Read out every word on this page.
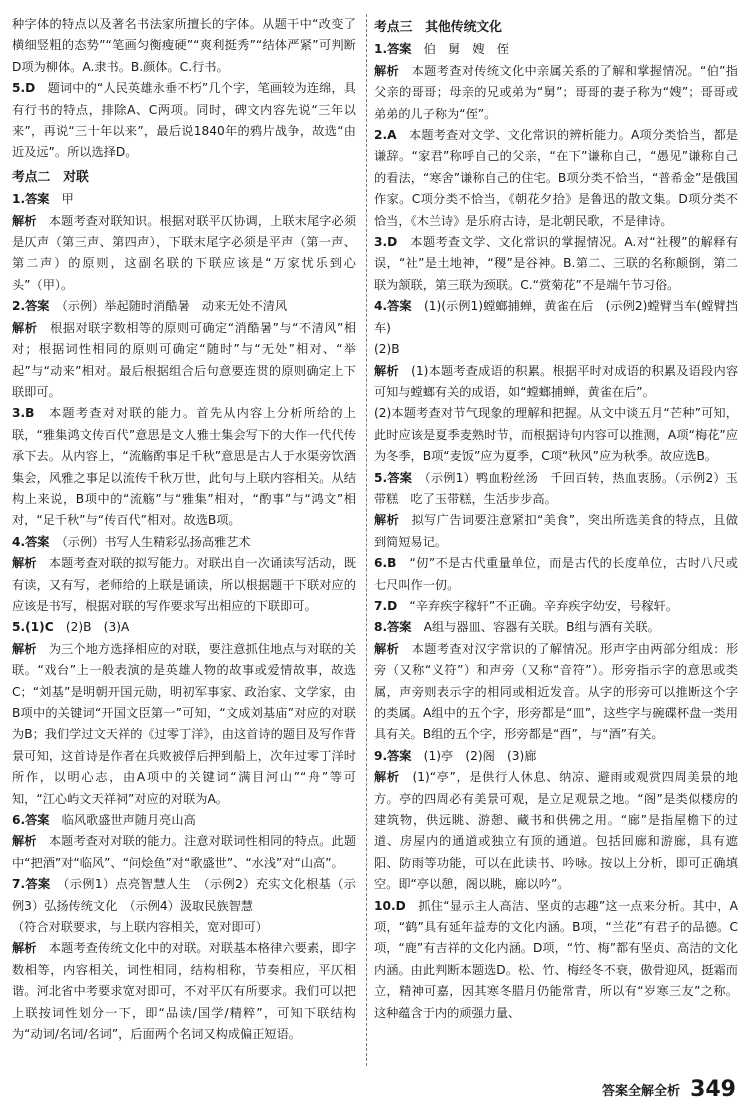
种字体的特点以及著名书法家所擅长的字体。从题干中“改变了横细竖粗的态势”“笔画匀衡瘦硬”“爽利挺秀”“结体严紧”可判断D项为柳体。A.隶书。B.颜体。C.行书。

5.D　题词中的“人民英雄永垂不朽”几个字，笔画较为连绵，具有行书的特点，排除A、C两项。同时，碑文内容先说“三年以来”，再说“三十年以来”，最后说1840年的鸦片战争，故选“由近及远”。所以选择D。

考点二　对联

1.答案　甲

解析　本题考查对联知识。根据对联平仄协调，上联末尾字必须是仄声（第三声、第四声），下联末尾字必须是平声（第一声、第二声）的原则，这副名联的下联应该是“万家忧乐到心头”（甲）。

2.答案　（示例）举起随时消酷暑　动来无处不清风

解析　根据对联字数相等的原则可确定“消酷暑”与“不清风”相对；根据词性相同的原则可确定“随时”与“无处”相对、“举起”与“动来”相对。最后根据组合后句意要连贯的原则确定上下联即可。

3.B　本题考查对对联的能力。首先从内容上分析所给的上联，“雅集鸿文传百代”意思是文人雅士集会写下的大作一代代传承下去。从内容上，“流觞酌事足千秋”意思是古人于水渠旁饮酒集会，风雅之事足以流传千秋万世，此句与上联内容相关。从结构上来说，B项中的“流觞”与“雅集”相对，“酌事”与“鸿文”相对，“足千秋”与“传百代”相对。故选B项。

4.答案　（示例）书写人生精彩弘扬高雅艺术

解析　本题考查对联的拟写能力。对联出自一次诵读写活动，既有读，又有写，老师给的上联是诵读，所以根据题干下联对应的应该是书写，根据对联的写作要求写出相应的下联即可。

5.(1)C　(2)B　(3)A

解析　为三个地方选择相应的对联，要注意抓住地点与对联的关联。“戏台”上一般表演的是英雄人物的故事或爱情故事，故选C；“刘基”是明朝开国元勋，明初军事家、政治家、文学家，由B项中的关键词“开国文臣第一”可知，“文成刘基庙”对应的对联为B；我们学过文天祥的《过零丁洋》，由这首诗的题目及写作背景可知，这首诗是作者在兵败被俘后押到船上，次年过零丁洋时所作，以明心志，由A项中的关键词“满目河山”“舟”等可知，“江心屿文天祥祠”对应的对联为A。

6.答案　临风歌盛世声随月亮山高

解析　本题考查对对联的能力。注意对联词性相同的特点。此题中“把酒”对“临风”、“问烩鱼”对“歌盛世”、“水浅”对“山高”。

7.答案　（示例1）点亮智慧人生　（示例2）充实文化根基（示例3）弘扬传统文化　（示例4）汲取民族智慧

（符合对联要求，与上联内容相关，宽对即可）

解析　本题考查传统文化中的对联。对联基本格律六要素，即字数相等，内容相关，词性相同，结构相称，节奏相应，平仄相谐。河北省中考要求宽对即可，不对平仄有所要求。我们可以把上联按词性划分一下，即“品读/国学/精粹”，可知下联结构为“动词/名词/名词”，后面两个名词又构成偏正短语。

考点三　其他传统文化

1.答案　伯　舅　嫂　侄

解析　本题考查对传统文化中亲属关系的了解和掌握情况。“伯”指父亲的哥哥；母亲的兄或弟为“舅”；哥哥的妻子称为“嫂”；哥哥或弟弟的儿子称为“侄”。

2.A　本题考查对文学、文化常识的辨析能力。A项分类恰当，都是谦辞。“家君”称呼自己的父亲，“在下”谦称自己，“愚见”谦称自己的看法，“寒舍”谦称自己的住宅。B项分类不恰当，“普希金”是俄国作家。C项分类不恰当，《朝花夕拾》是鲁迅的散文集。D项分类不恰当，《木兰诗》是乐府古诗，是北朝民歌，不是律诗。

3.D　本题考查文学、文化常识的掌握情况。A.对“社稷”的解释有误，“社”是土地神，“稷”是谷神。B.第二、三联的名称颠倒，第二联为颔联，第三联为颈联。C.“赏菊花”不是端午节习俗。

4.答案　(1)(示例1)螳螂捕蝉，黄雀在后　(示例2)螳臂当车(螳臂挡车)

(2)B

解析　(1)本题考查成语的积累。根据平时对成语的积累及语段内容可知与螳螂有关的成语，如“螳螂捕蝉，黄雀在后”。

(2)本题考查对节气现象的理解和把握。从文中谈五月“芒种”可知，此时应该是夏季麦熟时节，而根据诗句内容可以推测，A项“梅花”应为冬季，B项“麦饭”应为夏季，C项“秋风”应为秋季。故应选B。

5.答案　（示例1）鸭血粉丝汤　千回百转，热血衷肠。（示例2）玉带糕　吃了玉带糕，生活步步高。

解析　拟写广告词要注意紧扣“美食”，突出所选美食的特点，且做到简短易记。

6.B　“仞”不是古代重量单位，而是古代的长度单位，古时八尺或七尺叫作一仞。

7.D　“辛弃疾字稼轩”不正确。辛弃疾字幼安，号稼轩。

8.答案　A组与器皿、容器有关联。B组与酒有关联。

解析　本题考查对汉字常识的了解情况。形声字由两部分组成：形旁（又称“义符”）和声旁（又称“音符”）。形旁指示字的意思或类属，声旁则表示字的相同或相近发音。从字的形旁可以推断这个字的类属。A组中的五个字，形旁都是“皿”，这些字与碗碟杯盘一类用具有关。B组的五个字，形旁都是“酉”，与“酒”有关。

9.答案　(1)亭　(2)阁　(3)廊

解析　(1)“亭”，是供行人休息、纳凉、避雨或观赏四周美景的地方。亭的四周必有美景可观，是立足观景之地。“阁”是类似楼房的建筑物，供远眺、游憩、藏书和供佛之用。“廊”是指屋檐下的过道、房屋内的通道或独立有顶的通道。包括回廊和游廊，具有遮阳、防雨等功能，可以在此读书、吟咏。按以上分析，即可正确填空。即“亭以憩，阁以眺，廊以吟”。

10.D　抓住“显示主人高洁、坚贞的志趣”这一点来分析。其中，A项，“鹤”具有延年益寿的文化内涵。B项，“兰花”有君子的品德。C项，“鹿”有吉祥的文化内涵。D项，“竹、梅”都有坚贞、高洁的文化内涵。由此判断本题选D。松、竹、梅经冬不衰，傲骨迎风，挺霜而立，精神可嘉，因其寒冬腊月仍能常青，所以有“岁寒三友”之称。这种蕴含于内的顽强力量、

答案全解全析 349
